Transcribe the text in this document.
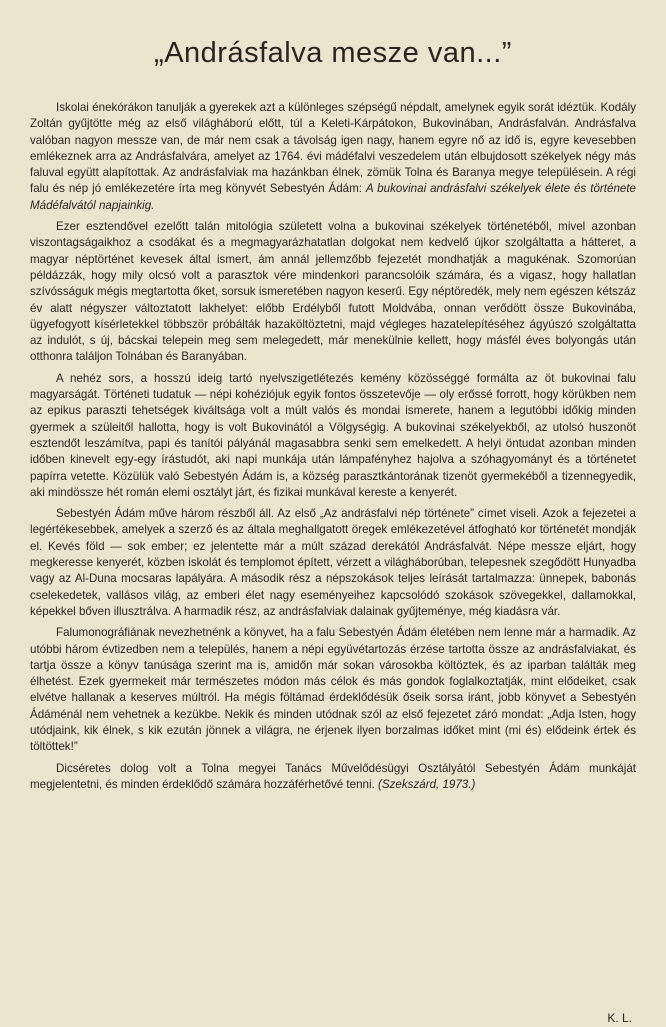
„Andrásfalva mesze van...”

Iskolai énekórákon tanulják a gyerekek azt a különleges szépségű népdalt, amelynek egyik sorát idéztük. Kodály Zoltán gyűjtötte még az első világháború előtt, túl a Keleti-Kárpátokon, Bukovinában, Andrásfalván. Andrásfalva valóban nagyon messze van, de már nem csak a távolság igen nagy, hanem egyre nő az idő is, egyre kevesebben emlékeznek arra az Andrásfalvára, amelyet az 1764. évi mádéfalvi veszedelem után elbujdosott székelyek négy más faluval együtt alapítottak. Az andrásfalviak ma hazánkban élnek, zömük Tolna és Baranya megye településein. A régi falu és nép jó emlékezetére írta meg könyvét Sebestyén Ádám: A bukovinai andrásfalvi székelyek élete és története Mádéfalvától napjainkig.

Ezer esztendővel ezelőtt talán mitológia született volna a bukovinai székelyek történetéből, mivel azonban viszontagságaikhoz a csodákat és a megmagyarázhatatlan dolgokat nem kedvelő újkor szolgáltatta a hátteret, a magyar néptörténet kevesek által ismert, ám annál jellemzőbb fejezetét mondhatják a magukénak. Szomorúan példázzák, hogy mily olcsó volt a parasztok vére mindenkori parancsolóik számára, és a vigasz, hogy hallatlan szívósságuk mégis megtartotta őket, sorsuk ismeretében nagyon keserű. Egy néptöredék, mely nem egészen kétszáz év alatt négyszer változtatott lakhelyet: előbb Erdélyből futott Moldvába, onnan verődött össze Bukovinába, ügyefogyott kísérletekkel többször próbálták hazaköltöztetni, majd végleges hazatelepítéséhez ágyúszó szolgáltatta az indulót, s új, bácskai telepein meg sem melegedett, már menekülnie kellett, hogy másfél éves bolyongás után otthonra találjon Tolnában és Baranyában.

A nehéz sors, a hosszú ideig tartó nyelvszigetlétezés kemény közösséggé formálta az öt bukovinai falu magyarságát. Történeti tudatuk — népi kohéziójuk egyik fontos összetevője — oly erőssé forrott, hogy körükben nem az epikus paraszti tehetségek kiváltsága volt a múlt valós és mondai ismerete, hanem a legutóbbi időkig minden gyermek a szüleitől hallotta, hogy is volt Bukovinától a Völgységig. A bukovinai székelyekből, az utolsó huszonöt esztendőt leszámítva, papi és tanítói pályánál magasabbra senki sem emelkedett. A helyi öntudat azonban minden időben kinevelt egy-egy írástudót, aki napi munkája után lámpafényhez hajolva a szóhagyományt és a történetet papírra vetette. Közülük való Sebestyén Ádám is, a község parasztkántorának tizenöt gyermekéből a tizennegyedik, aki mindössze hét román elemi osztályt járt, és fizikai munkával kereste a kenyerét.

Sebestyén Ádám műve három részből áll. Az első „Az andrásfalvi nép története” címet viseli. Azok a fejezetei a legértékesebbek, amelyek a szerző és az általa meghallgatott öregek emlékezetével átfogható kor történetét mondják el. Kevés föld — sok ember; ez jelentette már a múlt század derekától Andrásfalvát. Népe messze eljárt, hogy megkeresse kenyerét, közben iskolát és templomot épített, vérzett a világháborúban, telepesnek szegődött Hunyadba vagy az Al-Duna mocsaras lapályára. A második rész a népszokások teljes leírását tartalmazza: ünnepek, babonás cselekedetek, vallásos világ, az emberi élet nagy eseményeihez kapcsolódó szokások szövegekkel, dallamokkal, képekkel bőven illusztrálva. A harmadik rész, az andrásfalviak dalainak gyűjteménye, még kiadásra vár.

Falumonográfiának nevezhetnénk a könyvet, ha a falu Sebestyén Ádám életében nem lenne már a harmadik. Az utóbbi három évtizedben nem a település, hanem a népi együvétartozás érzése tartotta össze az andrásfalviakat, és tartja össze a könyv tanúsága szerint ma is, amidőn már sokan városokba költöztek, és az iparban találták meg élhetést. Ezek gyermekeit már természetes módon más célok és más gondok foglalkoztatják, mint elődeiket, csak elvétve hallanak a keserves múltról. Ha mégis föltámad érdeklődésük őseik sorsa iránt, jobb könyvet a Sebestyén Ádáménál nem vehetnek a kezükbe. Nekik és minden utódnak szól az első fejezetet záró mondat: „Adja Isten, hogy utódjaink, kik élnek, s kik ezután jönnek a világra, ne érjenek ilyen borzalmas időket mint (mi és) elődeink értek és töltöttek!”

Dicséretes dolog volt a Tolna megyei Tanács Művelődésügyi Osztályától Sebestyén Ádám munkáját megjelentetni, és minden érdeklődő számára hozzáférhetővé tenni. (Szekszárd, 1973.)

K. L.
